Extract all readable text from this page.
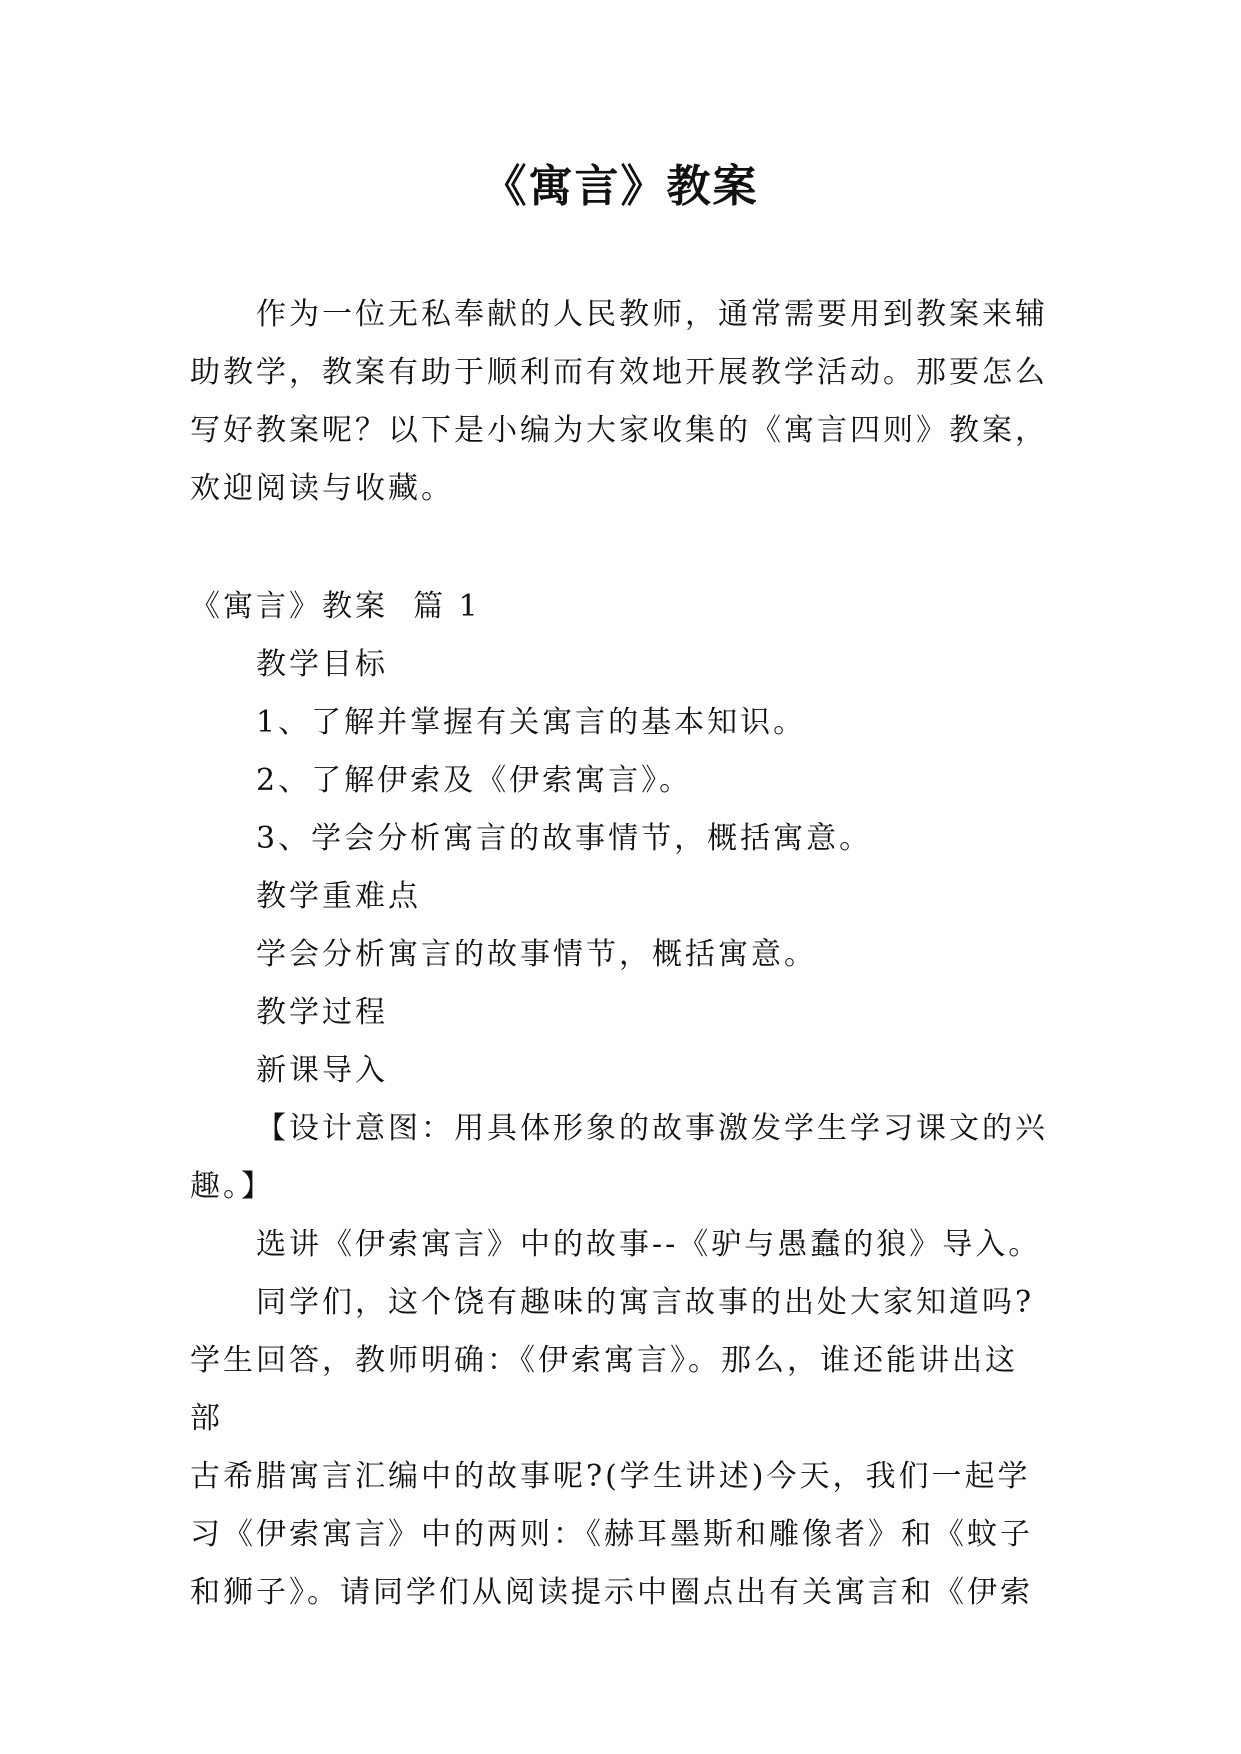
《寓言》教案
作为一位无私奉献的人民教师，通常需要用到教案来辅
助教学，教案有助于顺利而有效地开展教学活动。那要怎么
写好教案呢？以下是小编为大家收集的《寓言四则》教案，
欢迎阅读与收藏。
《寓言》教案  篇 1
教学目标
1、了解并掌握有关寓言的基本知识。
2、了解伊索及《伊索寓言》。
3、学会分析寓言的故事情节，概括寓意。
教学重难点
学会分析寓言的故事情节，概括寓意。
教学过程
新课导入
【设计意图：用具体形象的故事激发学生学习课文的兴
趣。】
选讲《伊索寓言》中的故事--《驴与愚蠢的狼》导入。
同学们，这个饶有趣味的寓言故事的出处大家知道吗?
学生回答，教师明确：《伊索寓言》。那么，谁还能讲出这部
古希腊寓言汇编中的故事呢?(学生讲述)今天，我们一起学
习《伊索寓言》中的两则：《赫耳墨斯和雕像者》和《蚊子
和狮子》。请同学们从阅读提示中圈点出有关寓言和《伊索
